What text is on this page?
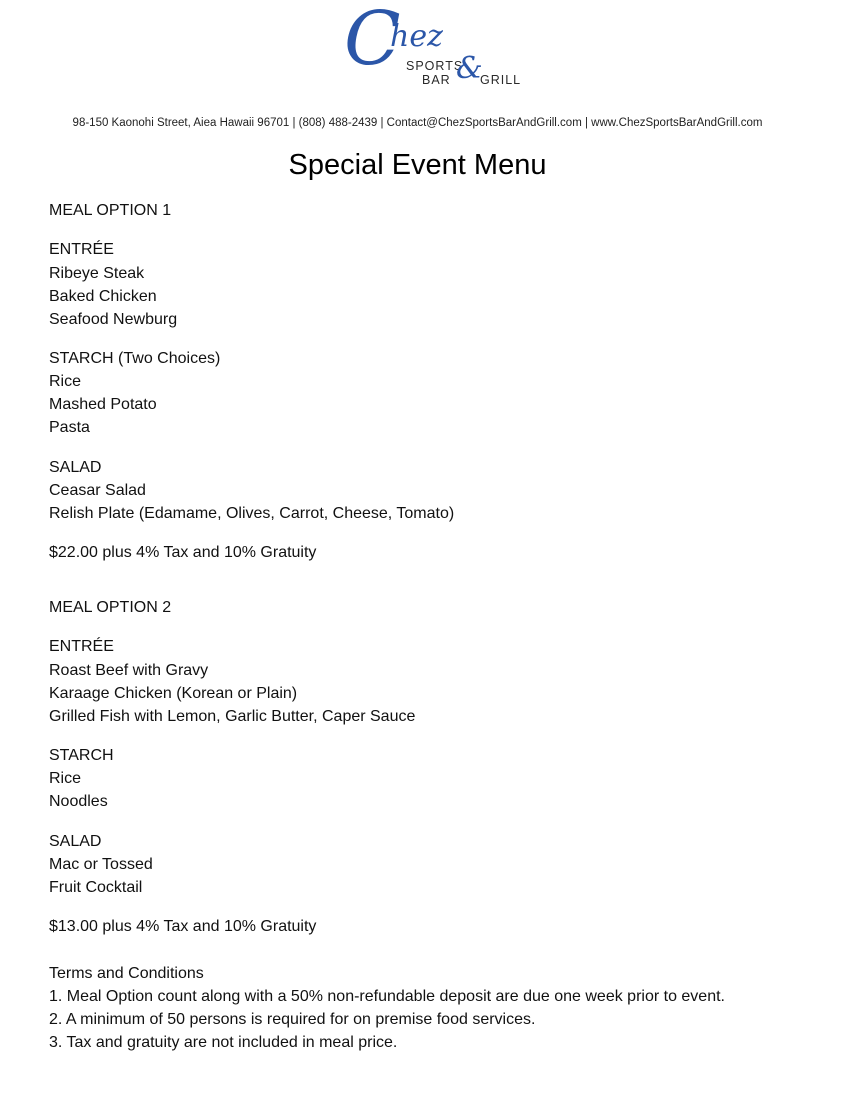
C
hez
SPORTS
BAR &
GRILL
98-150 Kaonohi Street, Aiea Hawaii 96701 | (808) 488-2439 | Contact@ChezSportsBarAndGrill.com | www.ChezSportsBarAndGrill.com
Special Event Menu
MEAL OPTION 1
ENTRÉE
Ribeye Steak
Baked Chicken
Seafood Newburg
STARCH (Two Choices)
Rice
Mashed Potato
Pasta
SALAD
Ceasar Salad
Relish Plate (Edamame, Olives, Carrot, Cheese, Tomato)
$22.00 plus 4% Tax and 10% Gratuity
MEAL OPTION 2
ENTRÉE
Roast Beef with Gravy
Karaage Chicken (Korean or Plain)
Grilled Fish with Lemon, Garlic Butter, Caper Sauce
STARCH
Rice
Noodles
SALAD
Mac or Tossed
Fruit Cocktail
$13.00 plus 4% Tax and 10% Gratuity
Terms and Conditions
1. Meal Option count along with a 50% non-refundable deposit are due one week prior to event.
2. A minimum of 50 persons is required for on premise food services.
3. Tax and gratuity are not included in meal price.
